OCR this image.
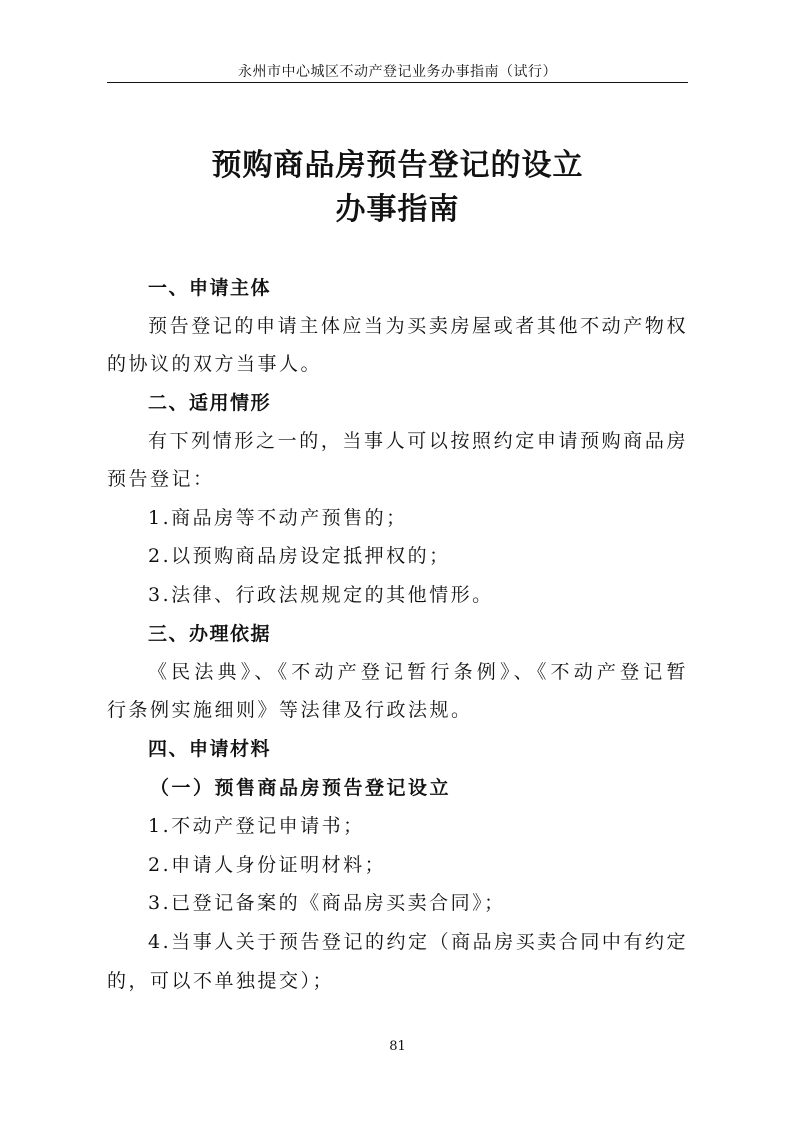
永州市中心城区不动产登记业务办事指南（试行）
预购商品房预告登记的设立
办事指南
一、申请主体
预告登记的申请主体应当为买卖房屋或者其他不动产物权
的协议的双方当事人。
二、适用情形
有下列情形之一的，当事人可以按照约定申请预购商品房
预告登记：
1.商品房等不动产预售的；
2.以预购商品房设定抵押权的；
3.法律、行政法规规定的其他情形。
三、办理依据
《民法典》、《不动产登记暂行条例》、《不动产登记暂
行条例实施细则》等法律及行政法规。
四、申请材料
（一）预售商品房预告登记设立
1.不动产登记申请书；
2.申请人身份证明材料；
3.已登记备案的《商品房买卖合同》；
4.当事人关于预告登记的约定（商品房买卖合同中有约定
的，可以不单独提交）；
81
